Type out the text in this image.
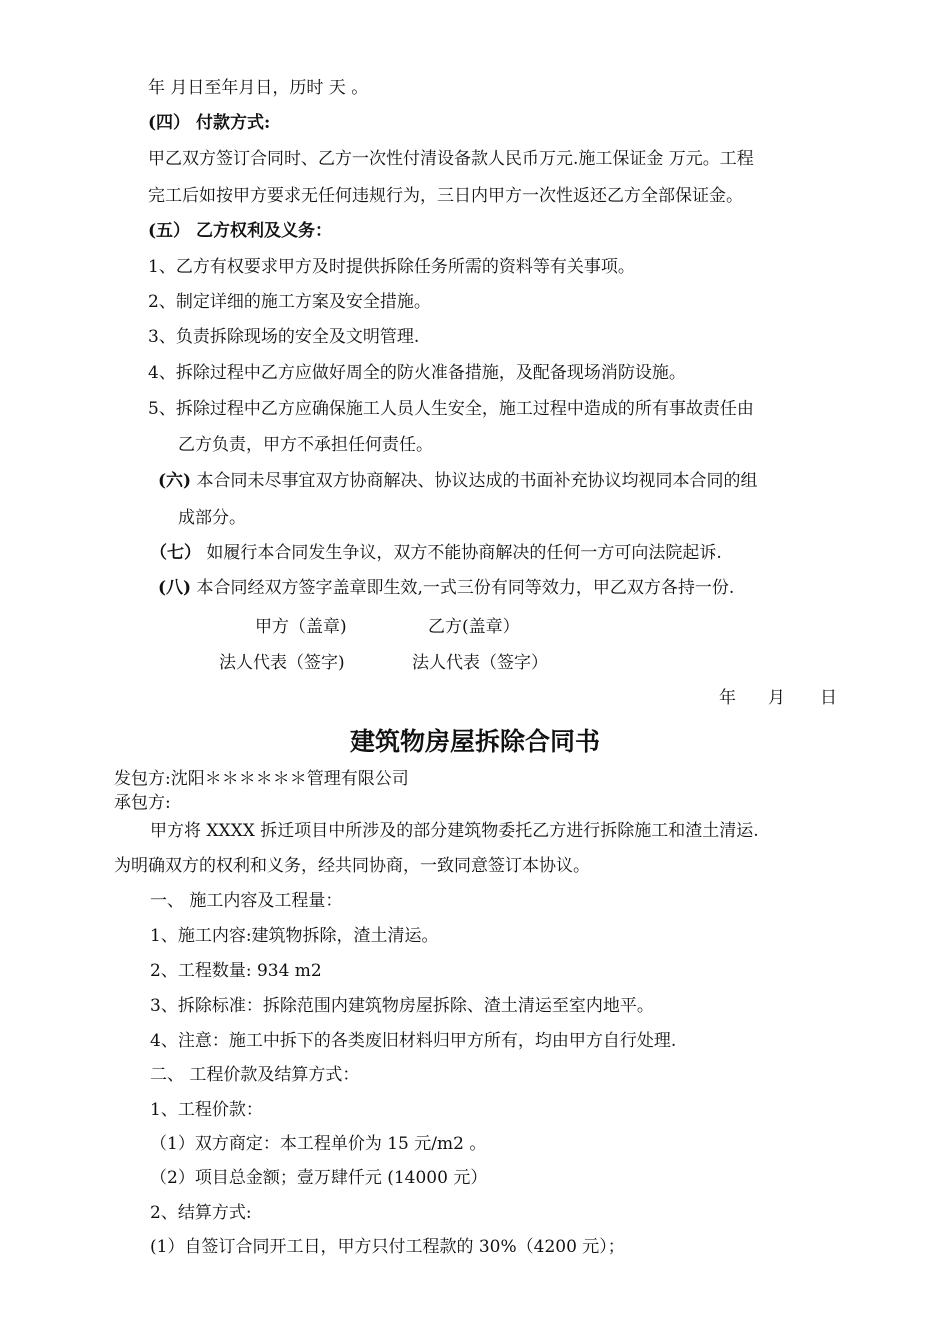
年 月日至年月日，历时 天 。
(四） 付款方式:
甲乙双方签订合同时、乙方一次性付清设备款人民币万元.施工保证金 万元。工程
完工后如按甲方要求无任何违规行为，三日内甲方一次性返还乙方全部保证金。
(五） 乙方权利及义务：
1、乙方有权要求甲方及时提供拆除任务所需的资料等有关事项。
2、制定详细的施工方案及安全措施。
3、负责拆除现场的安全及文明管理.
4、拆除过程中乙方应做好周全的防火准备措施，及配备现场消防设施。
5、拆除过程中乙方应确保施工人员人生安全，施工过程中造成的所有事故责任由
乙方负责，甲方不承担任何责任。
(六) 本合同未尽事宜双方协商解决、协议达成的书面补充协议均视同本合同的组
成部分。
（七） 如履行本合同发生争议，双方不能协商解决的任何一方可向法院起诉.
(八) 本合同经双方签字盖章即生效,一式三份有同等效力，甲乙双方各持一份.
甲方（盖章)	乙方(盖章）
法人代表（签字)	法人代表（签字）
年 月 日
建筑物房屋拆除合同书
发包方:沈阳＊＊＊＊＊＊管理有限公司
承包方:
甲方将 XXXX 拆迁项目中所涉及的部分建筑物委托乙方进行拆除施工和渣土清运.
为明确双方的权利和义务，经共同协商，一致同意签订本协议。
一、 施工内容及工程量：
1、施工内容:建筑物拆除，渣土清运。
2、工程数量: 934 m2
3、拆除标准：拆除范围内建筑物房屋拆除、渣土清运至室内地平。
4、注意：施工中拆下的各类废旧材料归甲方所有，均由甲方自行处理.
二、 工程价款及结算方式：
1、工程价款：
（1）双方商定：本工程单价为 15 元/m2 。
（2）项目总金额；壹万肆仟元 (14000 元）
2、结算方式:
(1）自签订合同开工日，甲方只付工程款的 30%（4200 元）；
